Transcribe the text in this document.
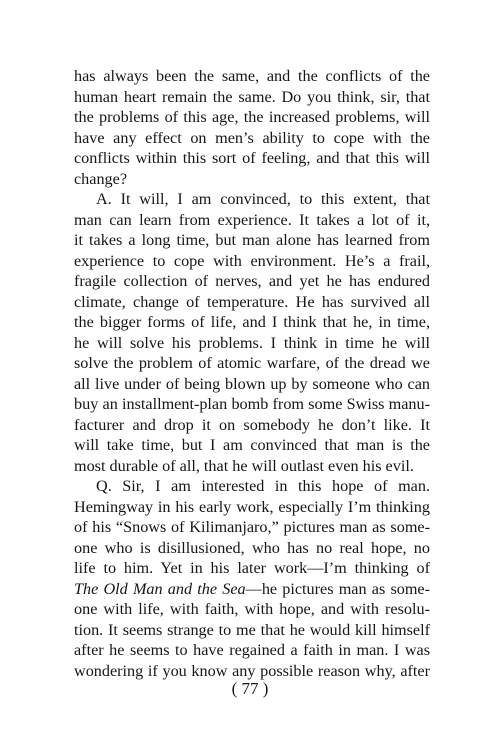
has always been the same, and the conflicts of the
human heart remain the same. Do you think, sir, that
the problems of this age, the increased problems, will
have any effect on men’s ability to cope with the
conflicts within this sort of feeling, and that this will
change?
A. It will, I am convinced, to this extent, that
man can learn from experience. It takes a lot of it,
it takes a long time, but man alone has learned from
experience to cope with environment. He’s a frail,
fragile collection of nerves, and yet he has endured
climate, change of temperature. He has survived all
the bigger forms of life, and I think that he, in time,
he will solve his problems. I think in time he will
solve the problem of atomic warfare, of the dread we
all live under of being blown up by someone who can
buy an installment-plan bomb from some Swiss manu-
facturer and drop it on somebody he don’t like. It
will take time, but I am convinced that man is the
most durable of all, that he will outlast even his evil.
Q. Sir, I am interested in this hope of man.
Hemingway in his early work, especially I’m thinking
of his “Snows of Kilimanjaro,” pictures man as some-
one who is disillusioned, who has no real hope, no
life to him. Yet in his later work—I’m thinking of
The Old Man and the Sea—he pictures man as some-
one with life, with faith, with hope, and with resolu-
tion. It seems strange to me that he would kill himself
after he seems to have regained a faith in man. I was
wondering if you know any possible reason why, after
( 77 )
